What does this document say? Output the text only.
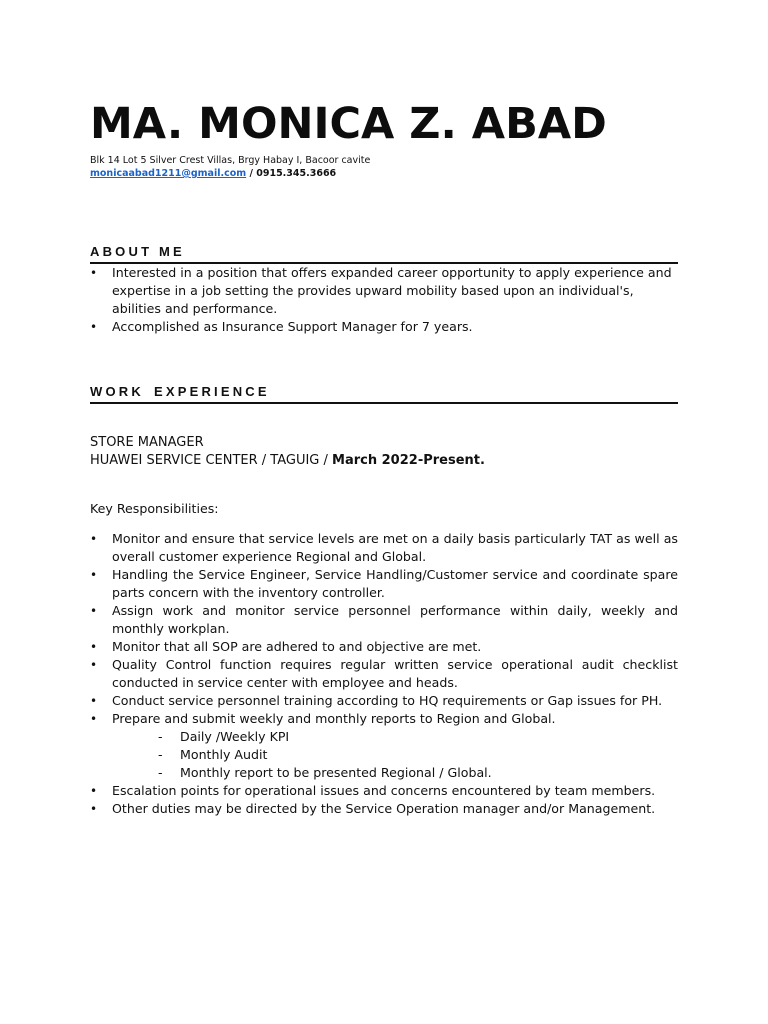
MA. MONICA Z. ABAD
Blk 14 Lot 5 Silver Crest Villas, Brgy Habay I, Bacoor cavite
monicaabad1211@gmail.com / 0915.345.3666
ABOUT ME
• Interested in a position that offers expanded career opportunity to apply experience and expertise in a job setting the provides upward mobility based upon an individual's, abilities and performance.
• Accomplished as Insurance Support Manager for 7 years.
WORK EXPERIENCE
STORE MANAGER
HUAWEI SERVICE CENTER / TAGUIG / March 2022-Present.
Key Responsibilities:
• Monitor and ensure that service levels are met on a daily basis particularly TAT as well as overall customer experience Regional and Global.
• Handling the Service Engineer, Service Handling/Customer service and coordinate spare parts concern with the inventory controller.
• Assign work and monitor service personnel performance within daily, weekly and monthly workplan.
• Monitor that all SOP are adhered to and objective are met.
• Quality Control function requires regular written service operational audit checklist conducted in service center with employee and heads.
• Conduct service personnel training according to HQ requirements or Gap issues for PH.
• Prepare and submit weekly and monthly reports to Region and Global.
- Daily /Weekly KPI
- Monthly Audit
- Monthly report to be presented Regional / Global.
• Escalation points for operational issues and concerns encountered by team members.
• Other duties may be directed by the Service Operation manager and/or Management.
